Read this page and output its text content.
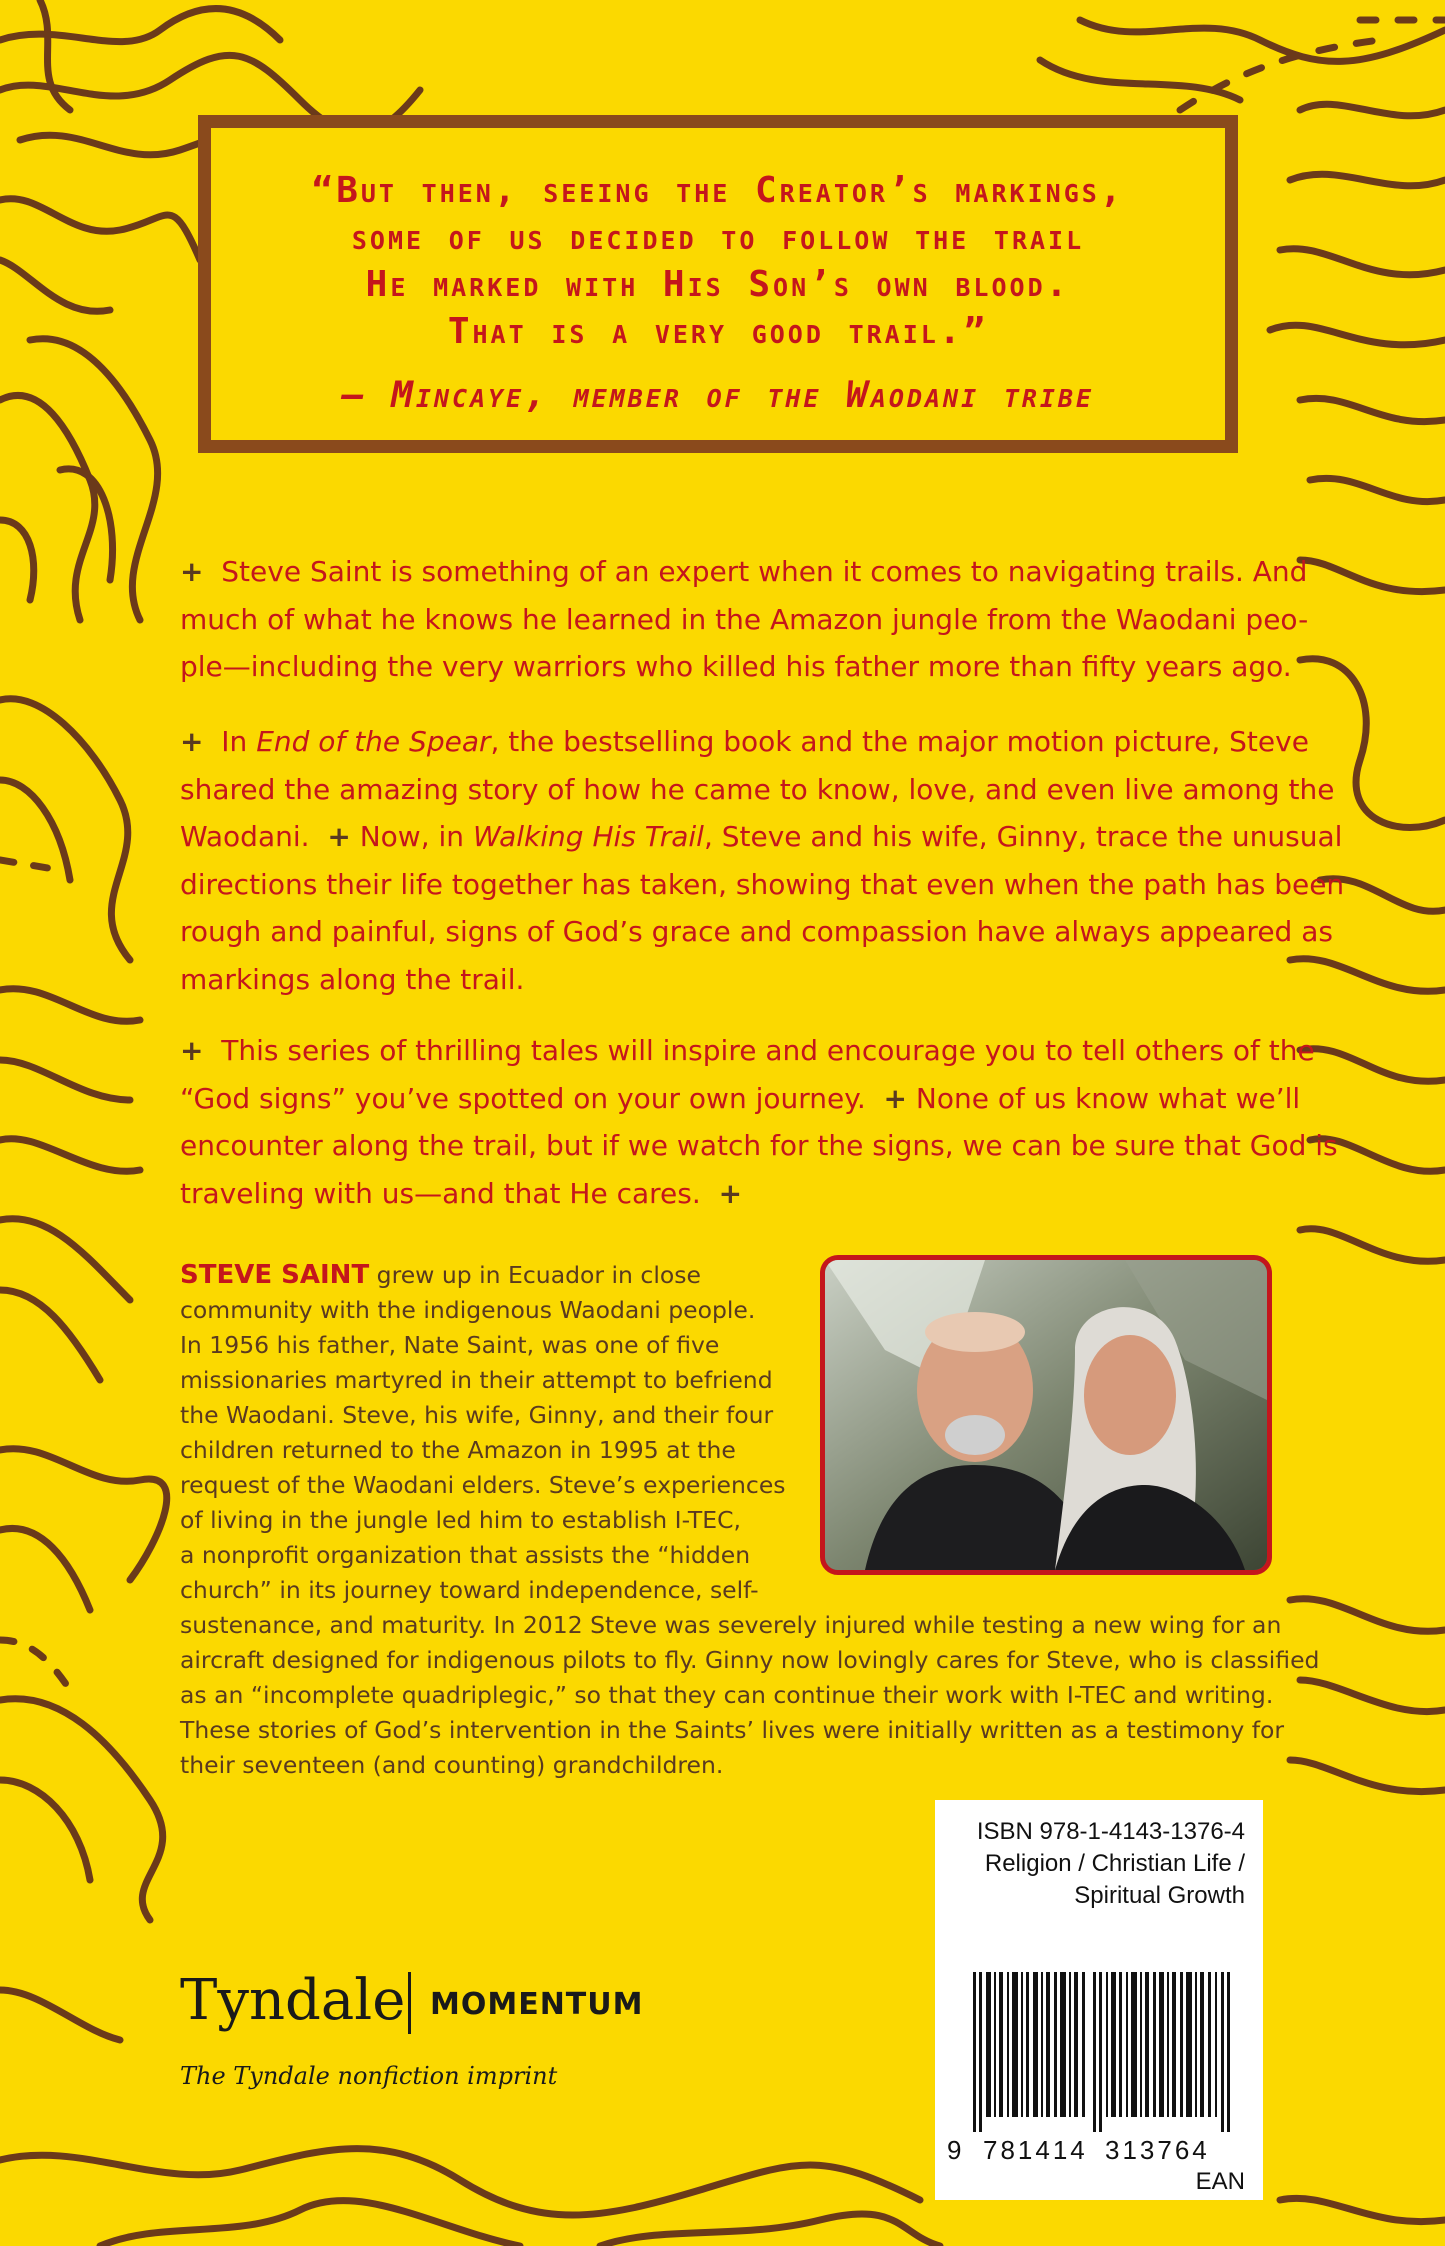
“But then, seeing the Creator’s markings,
some of us decided to follow the trail
He marked with His Son’s own blood.
That is a very good trail.”
— Mincaye, member of the Waodani tribe
+ Steve Saint is something of an expert when it comes to navigating trails. And
much of what he knows he learned in the Amazon jungle from the Waodani peo-
ple—including the very warriors who killed his father more than fifty years ago.
+ In End of the Spear, the bestselling book and the major motion picture, Steve
shared the amazing story of how he came to know, love, and even live among the
Waodani. + Now, in Walking His Trail, Steve and his wife, Ginny, trace the unusual
directions their life together has taken, showing that even when the path has been
rough and painful, signs of God’s grace and compassion have always appeared as
markings along the trail.
+ This series of thrilling tales will inspire and encourage you to tell others of the
“God signs” you’ve spotted on your own journey. + None of us know what we’ll
encounter along the trail, but if we watch for the signs, we can be sure that God is
traveling with us—and that He cares. +
STEVE SAINT grew up in Ecuador in close
community with the indigenous Waodani people.
In 1956 his father, Nate Saint, was one of five
missionaries martyred in their attempt to befriend
the Waodani. Steve, his wife, Ginny, and their four
children returned to the Amazon in 1995 at the
request of the Waodani elders. Steve’s experiences
of living in the jungle led him to establish I-TEC,
a nonprofit organization that assists the “hidden
church” in its journey toward independence, self-
sustenance, and maturity. In 2012 Steve was severely injured while testing a new wing for an
aircraft designed for indigenous pilots to fly. Ginny now lovingly cares for Steve, who is classified
as an “incomplete quadriplegic,” so that they can continue their work with I-TEC and writing.
These stories of God’s intervention in the Saints’ lives were initially written as a testimony for
their seventeen (and counting) grandchildren.
ISBN 978-1-4143-1376-4
Religion / Christian Life /
Spiritual Growth
9 781414 313764
EAN
Tyndale MOMENTUM
The Tyndale nonfiction imprint
